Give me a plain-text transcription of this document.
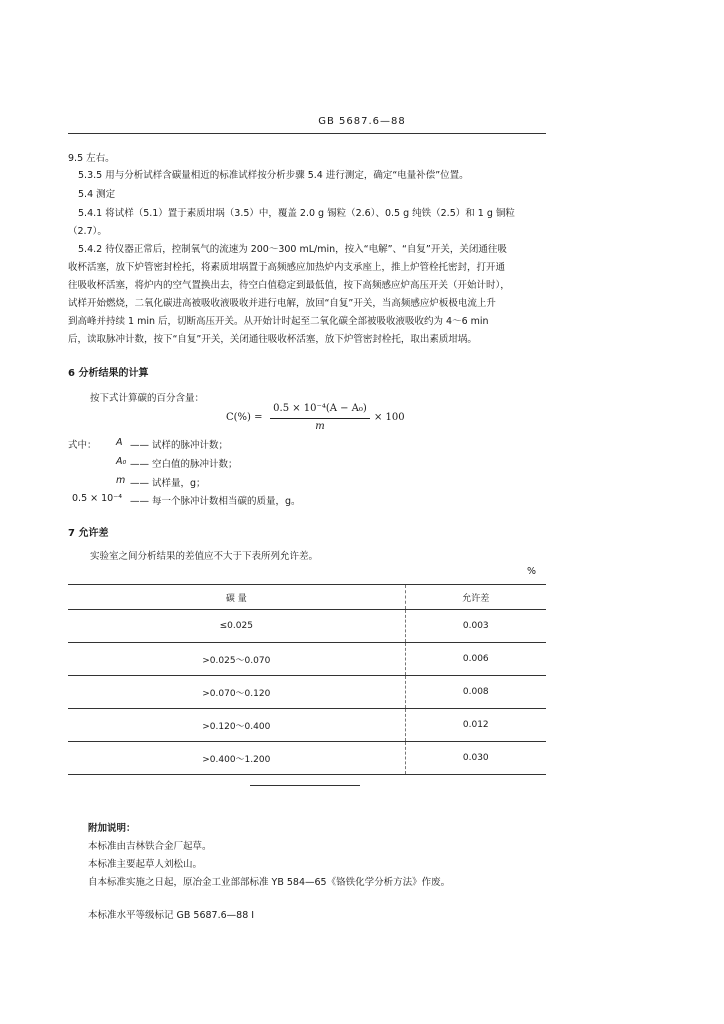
GB 5687.6—88
9.5 左右。
5.3.5 用与分析试样含碳量相近的标准试样按分析步骤 5.4 进行测定，确定“电量补偿”位置。
5.4 测定
5.4.1 将试样（5.1）置于素质坩埚（3.5）中，覆盖 2.0 g 锡粒（2.6）、0.5 g 纯铁（2.5）和 1 g 铜粒
（2.7）。
5.4.2 待仪器正常后，控制氧气的流速为 200～300 mL/min，按入“电解”、“自复”开关，关闭通往吸
收杯活塞，放下炉管密封栓托，将素质坩埚置于高频感应加热炉内支承座上，推上炉管栓托密封，打开通
往吸收杯活塞，将炉内的空气置换出去，待空白值稳定到最低值，按下高频感应炉高压开关（开始计时），
试样开始燃烧，二氧化碳进高被吸收液吸收并进行电解，放回“自复”开关，当高频感应炉板极电流上升
到高峰并持续 1 min 后，切断高压开关。从开始计时起至二氧化碳全部被吸收液吸收约为 4～6 min
后，读取脉冲计数，按下“自复”开关，关闭通往吸收杯活塞，放下炉管密封栓托，取出素质坩埚。
6 分析结果的计算
按下式计算碳的百分含量：
C(%) =
0.5 × 10⁻⁴(A − A₀)
m
× 100
式中： A —— 试样的脉冲计数；
A₀ —— 空白值的脉冲计数；
m —— 试样量，g；
0.5 × 10⁻⁴ —— 每一个脉冲计数相当碳的质量，g。
7 允许差
实验室之间分析结果的差值应不大于下表所列允许差。
%
碳 量	允许差
≤0.025	0.003
>0.025～0.070	0.006
>0.070～0.120	0.008
>0.120～0.400	0.012
>0.400～1.200	0.030
附加说明：
本标准由吉林铁合金厂起草。
本标准主要起草人刘松山。
自本标准实施之日起，原冶金工业部部标准 YB 584—65《铬铁化学分析方法》作废。
本标准水平等级标记 GB 5687.6—88 I
